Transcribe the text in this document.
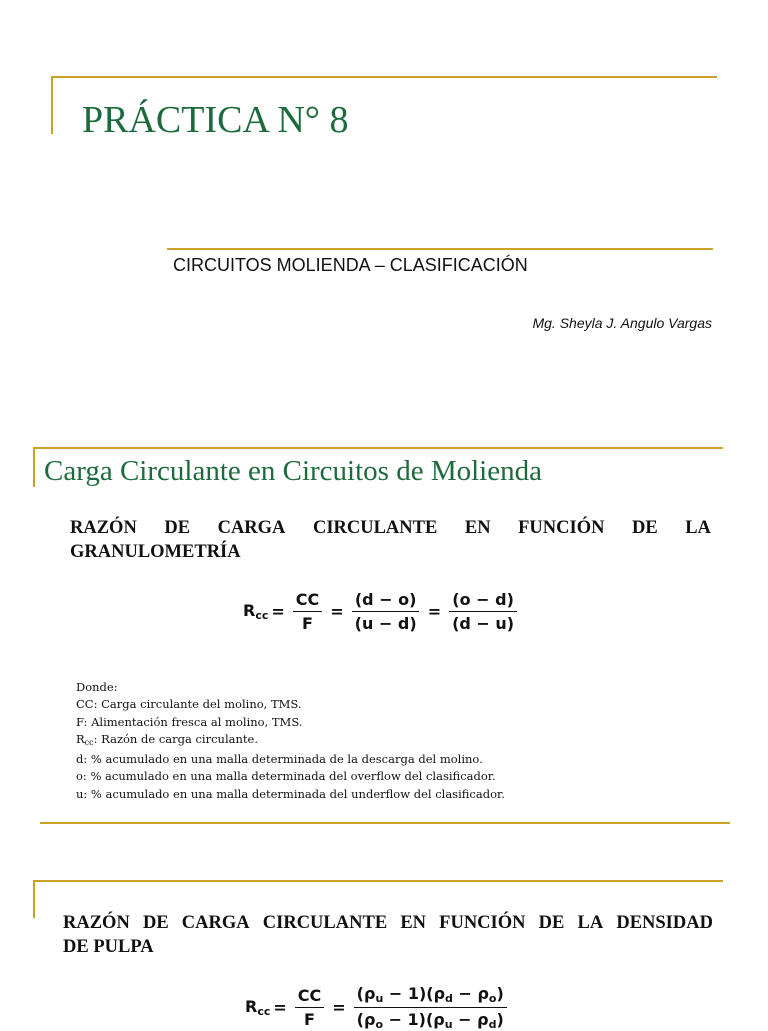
PRÁCTICA N° 8
CIRCUITOS MOLIENDA – CLASIFICACIÓN
Mg. Sheyla J. Angulo Vargas
Carga Circulante en Circuitos de Molienda
RAZÓN DE CARGA CIRCULANTE EN FUNCIÓN DE LA
GRANULOMETRÍA
$R_{cc} = \frac{CC}{F} = \frac{(d - o)}{(u - d)} = \frac{(o - d)}{(d - u)}$
Donde:
CC: Carga circulante del molino, TMS.
F: Alimentación fresca al molino, TMS.
$R_{cc}$: Razón de carga circulante.
d: % acumulado en una malla determinada de la descarga del molino.
o: % acumulado en una malla determinada del overflow del clasificador.
u: % acumulado en una malla determinada del underflow del clasificador.
RAZÓN DE CARGA CIRCULANTE EN FUNCIÓN DE LA DENSIDAD
DE PULPA
$R_{cc} = \frac{CC}{F} = \frac{(\rho_u - 1)(\rho_d - \rho_o)}{(\rho_o - 1)(\rho_u - \rho_d)}$
